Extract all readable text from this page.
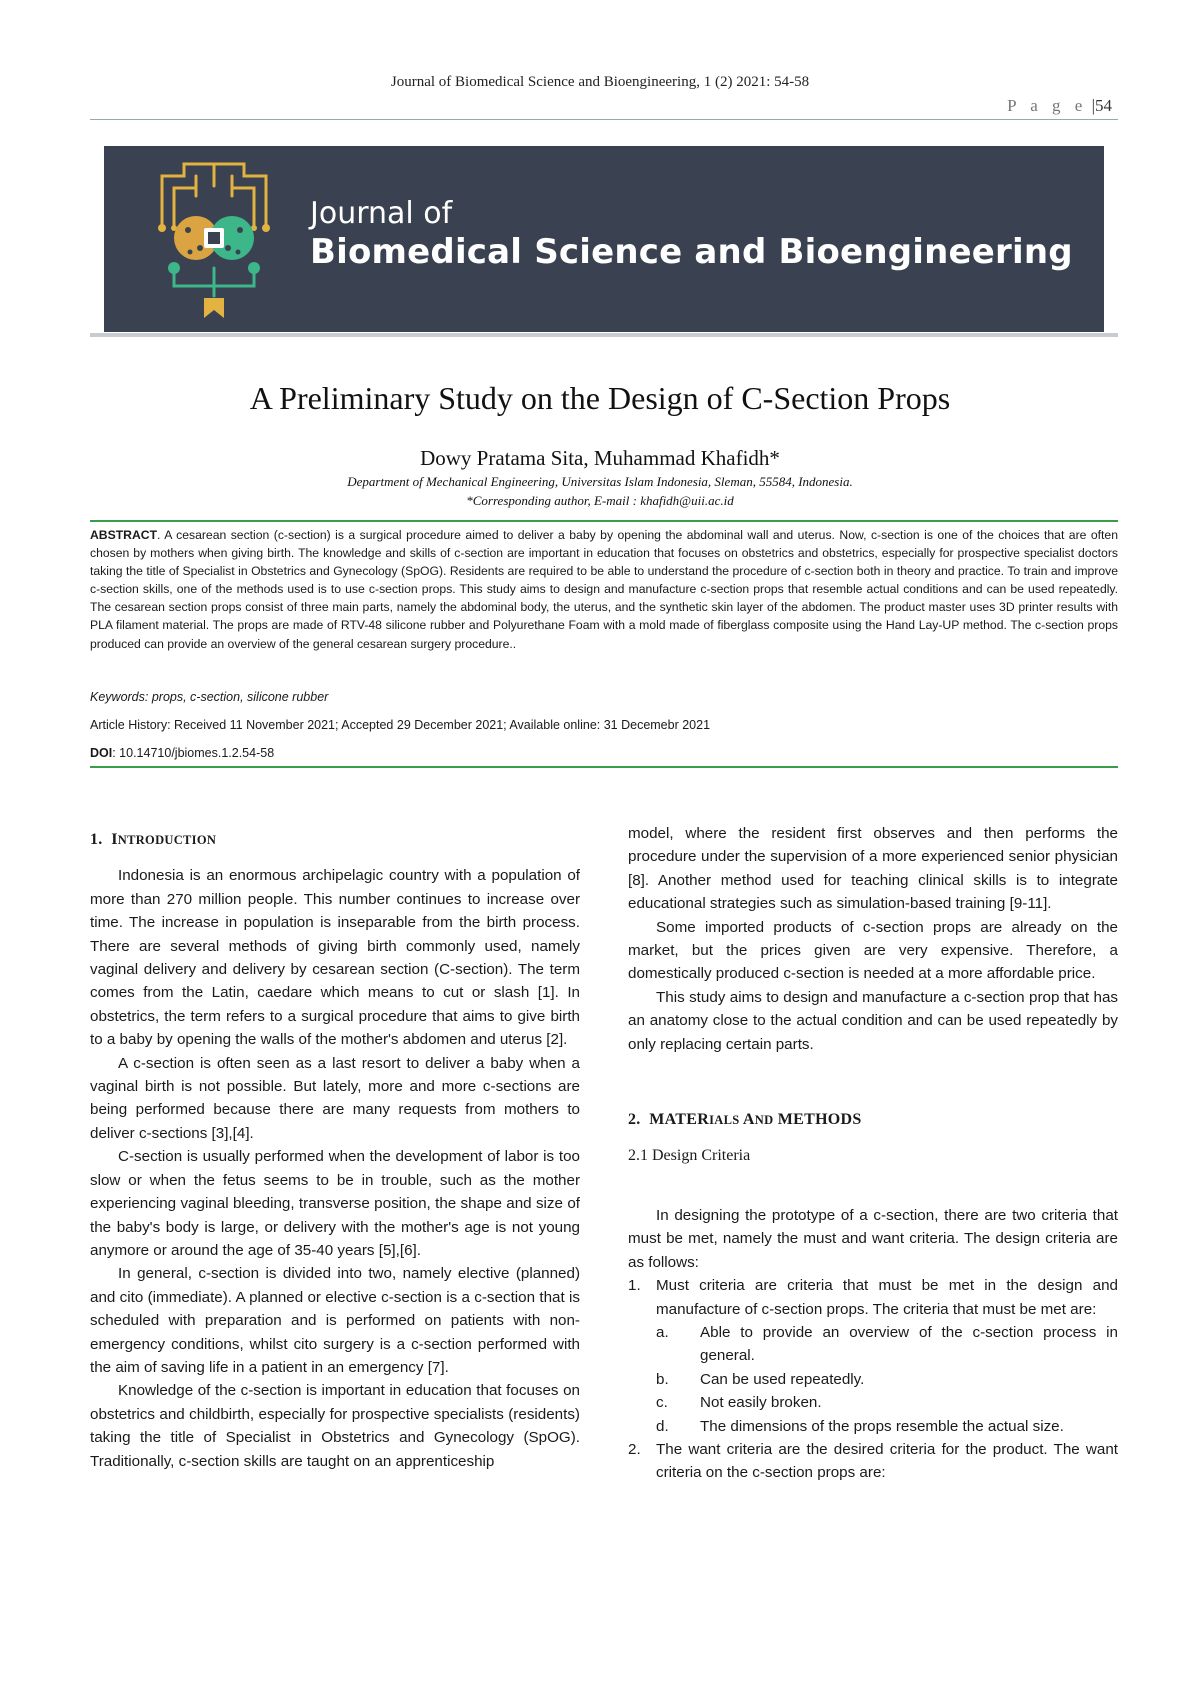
Journal of Biomedical Science and Bioengineering, 1 (2) 2021: 54-58
P a g e |54
Journal of
Biomedical Science and Bioengineering
A Preliminary Study on the Design of C-Section Props
Dowy Pratama Sita, Muhammad Khafidh*
Department of Mechanical Engineering, Universitas Islam Indonesia, Sleman, 55584, Indonesia.
*Corresponding author, E-mail : khafidh@uii.ac.id
ABSTRACT. A cesarean section (c-section) is a surgical procedure aimed to deliver a baby by opening the abdominal wall and uterus. Now, c-section is one of the choices that are often chosen by mothers when giving birth. The knowledge and skills of c-section are important in education that focuses on obstetrics and obstetrics, especially for prospective specialist doctors taking the title of Specialist in Obstetrics and Gynecology (SpOG). Residents are required to be able to understand the procedure of c-section both in theory and practice. To train and improve c-section skills, one of the methods used is to use c-section props. This study aims to design and manufacture c-section props that resemble actual conditions and can be used repeatedly. The cesarean section props consist of three main parts, namely the abdominal body, the uterus, and the synthetic skin layer of the abdomen. The product master uses 3D printer results with PLA filament material. The props are made of RTV-48 silicone rubber and Polyurethane Foam with a mold made of fiberglass composite using the Hand Lay-UP method. The c-section props produced can provide an overview of the general cesarean surgery procedure..
Keywords: props, c-section, silicone rubber
Article History: Received 11 November 2021; Accepted 29 December 2021; Available online: 31 Decemebr 2021
DOI: 10.14710/jbiomes.1.2.54-58
1. INTRODUCTION

Indonesia is an enormous archipelagic country with a population of more than 270 million people. This number continues to increase over time. The increase in population is inseparable from the birth process. There are several methods of giving birth commonly used, namely vaginal delivery and delivery by cesarean section (C-section). The term comes from the Latin, caedare which means to cut or slash [1]. In obstetrics, the term refers to a surgical procedure that aims to give birth to a baby by opening the walls of the mother's abdomen and uterus [2].

A c-section is often seen as a last resort to deliver a baby when a vaginal birth is not possible. But lately, more and more c-sections are being performed because there are many requests from mothers to deliver c-sections [3],[4].

C-section is usually performed when the development of labor is too slow or when the fetus seems to be in trouble, such as the mother experiencing vaginal bleeding, transverse position, the shape and size of the baby's body is large, or delivery with the mother's age is not young anymore or around the age of 35-40 years [5],[6].

In general, c-section is divided into two, namely elective (planned) and cito (immediate). A planned or elective c-section is a c-section that is scheduled with preparation and is performed on patients with non-emergency conditions, whilst cito surgery is a c-section performed with the aim of saving life in a patient in an emergency [7].

Knowledge of the c-section is important in education that focuses on obstetrics and childbirth, especially for prospective specialists (residents) taking the title of Specialist in Obstetrics and Gynecology (SpOG). Traditionally, c-section skills are taught on an apprenticeship

model, where the resident first observes and then performs the procedure under the supervision of a more experienced senior physician [8]. Another method used for teaching clinical skills is to integrate educational strategies such as simulation-based training [9-11].

Some imported products of c-section props are already on the market, but the prices given are very expensive. Therefore, a domestically produced c-section is needed at a more affordable price.

This study aims to design and manufacture a c-section prop that has an anatomy close to the actual condition and can be used repeatedly by only replacing certain parts.

2. MATERIALS AND METHODS
2.1 Design Criteria

In designing the prototype of a c-section, there are two criteria that must be met, namely the must and want criteria. The design criteria are as follows:

1. Must criteria are criteria that must be met in the design and manufacture of c-section props. The criteria that must be met are:
a. Able to provide an overview of the c-section process in general.
b. Can be used repeatedly.
c. Not easily broken.
d. The dimensions of the props resemble the actual size.
2. The want criteria are the desired criteria for the product. The want criteria on the c-section props are:
